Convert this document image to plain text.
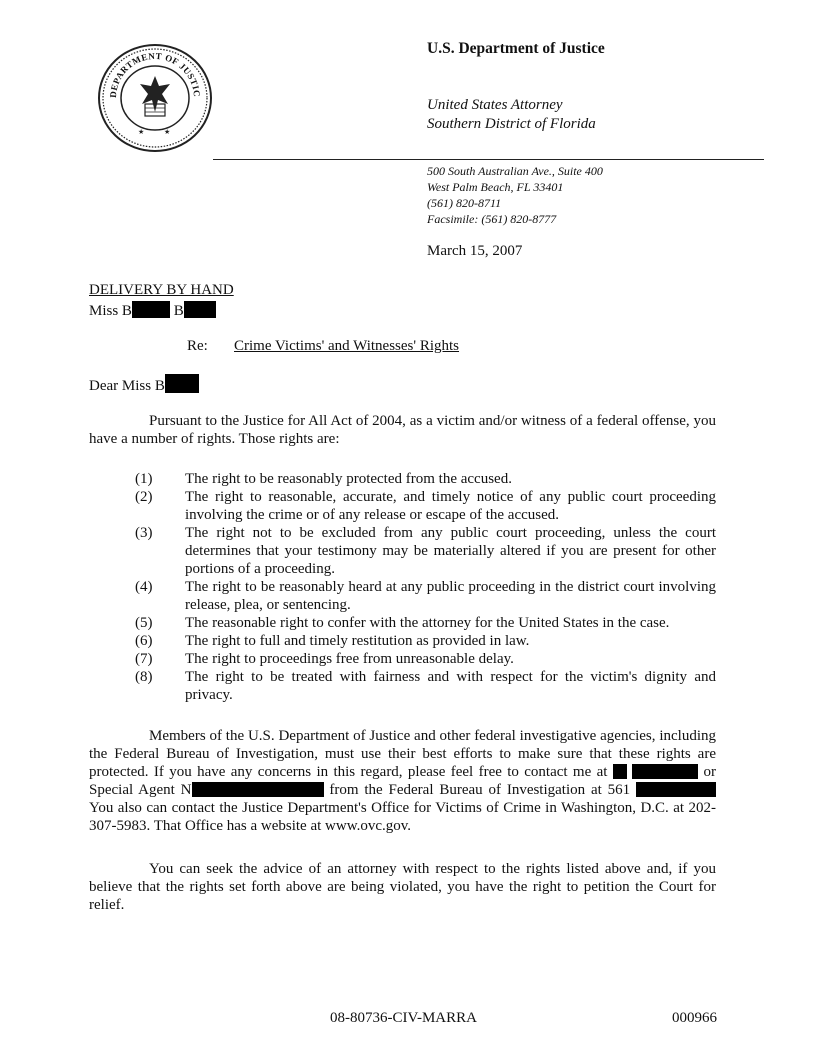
DEPARTMENT OF JUSTIC
★	★
U.S. Department of Justice
United States Attorney
Southern District of Florida
500 South Australian Ave., Suite 400
West Palm Beach, FL 33401
(561) 820-8711
Facsimile: (561) 820-8777
March 15, 2007
DELIVERY BY HAND
Miss B	B
Re: Crime Victims' and Witnesses' Rights
Dear Miss B

Pursuant to the Justice for All Act of 2004, as a victim and/or witness of a federal offense, you have a number of rights. Those rights are:

(1)	The right to be reasonably protected from the accused.
(2)	The right to reasonable, accurate, and timely notice of any public court proceeding involving the crime or of any release or escape of the accused.
(3)	The right not to be excluded from any public court proceeding, unless the court determines that your testimony may be materially altered if you are present for other portions of a proceeding.
(4)	The right to be reasonably heard at any public proceeding in the district court involving release, plea, or sentencing.
(5)	The reasonable right to confer with the attorney for the United States in the case.
(6)	The right to full and timely restitution as provided in law.
(7)	The right to proceedings free from unreasonable delay.
(8)	The right to be treated with fairness and with respect for the victim's dignity and privacy.

Members of the U.S. Department of Justice and other federal investigative agencies, including the Federal Bureau of Investigation, must use their best efforts to make sure that these rights are protected. If you have any concerns in this regard, please feel free to contact me at	or Special Agent N	from the Federal Bureau of Investigation at 561  You also can contact the Justice Department's Office for Victims of Crime in Washington, D.C. at 202-307-5983. That Office has a website at www.ovc.gov.

You can seek the advice of an attorney with respect to the rights listed above and, if you believe that the rights set forth above are being violated, you have the right to petition the Court for relief.

08-80736-CIV-MARRA	000966
